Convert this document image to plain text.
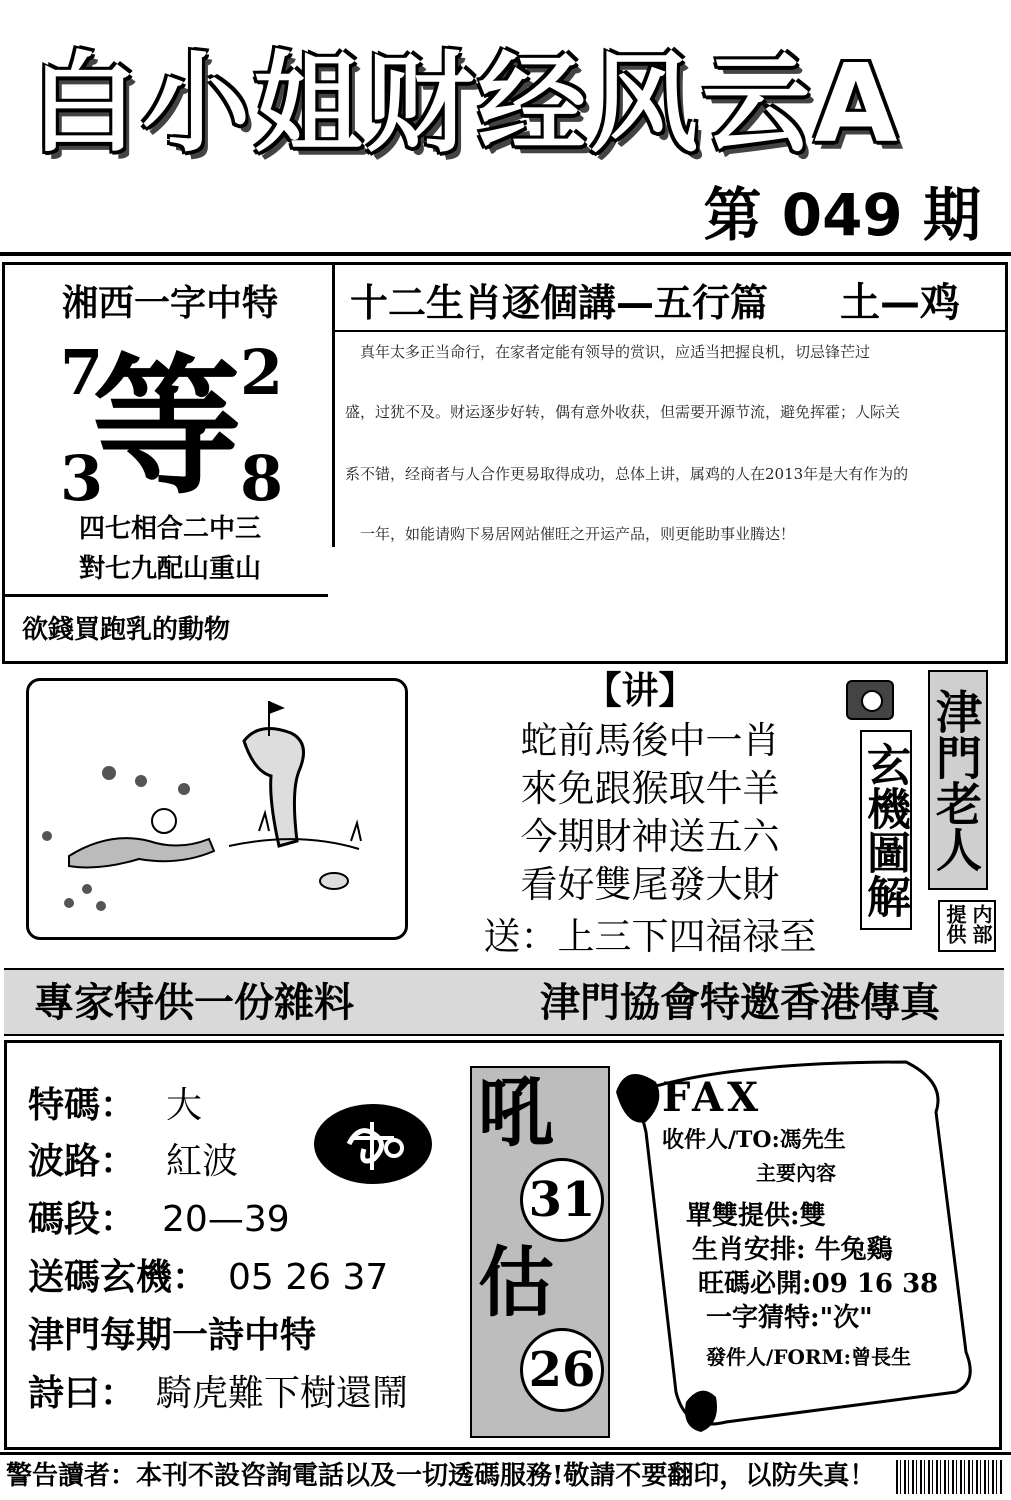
白小姐财经风云A
第 049 期
湘西一字中特
7 2
3 8
等
四七相合二中三
對七九配山重山
欲錢買跑乳的動物
十二生肖逐個講—五行篇 土—鸡
真年太多正当命行，在家者定能有领导的赏识，应适当把握良机，切忌锋芒过
盛，过犹不及。财运逐步好转，偶有意外收获，但需要开源节流，避免挥霍；人际关
系不错，经商者与人合作更易取得成功，总体上讲，属鸡的人在2013年是大有作为的
一年，如能请购下易居网站催旺之开运产品，则更能助事业腾达！
【讲】
蛇前馬後中一肖
來免跟猴取牛羊
今期財神送五六
看好雙尾發大財
送：上三下四福禄至
玄機圖解 津門老人
提供 内部
專家特供一份雜料	津門協會特邀香港傳真
特碼： 大
波路： 紅波
碼段： 20—39
送碼玄機： 05 26 37
津門每期一詩中特
詩曰： 騎虎難下樹還鬧
吼
31
估
26
FAX
收件人/TO:馮先生
主要內容
單雙提供:雙
生肖安排: 牛兔鷄
旺碼必開:09 16 38
一字猜特:"次"
發件人/FORM:曾長生
警告讀者：本刊不設咨詢電話以及一切透碼服務!敬請不要翻印，以防失真！
